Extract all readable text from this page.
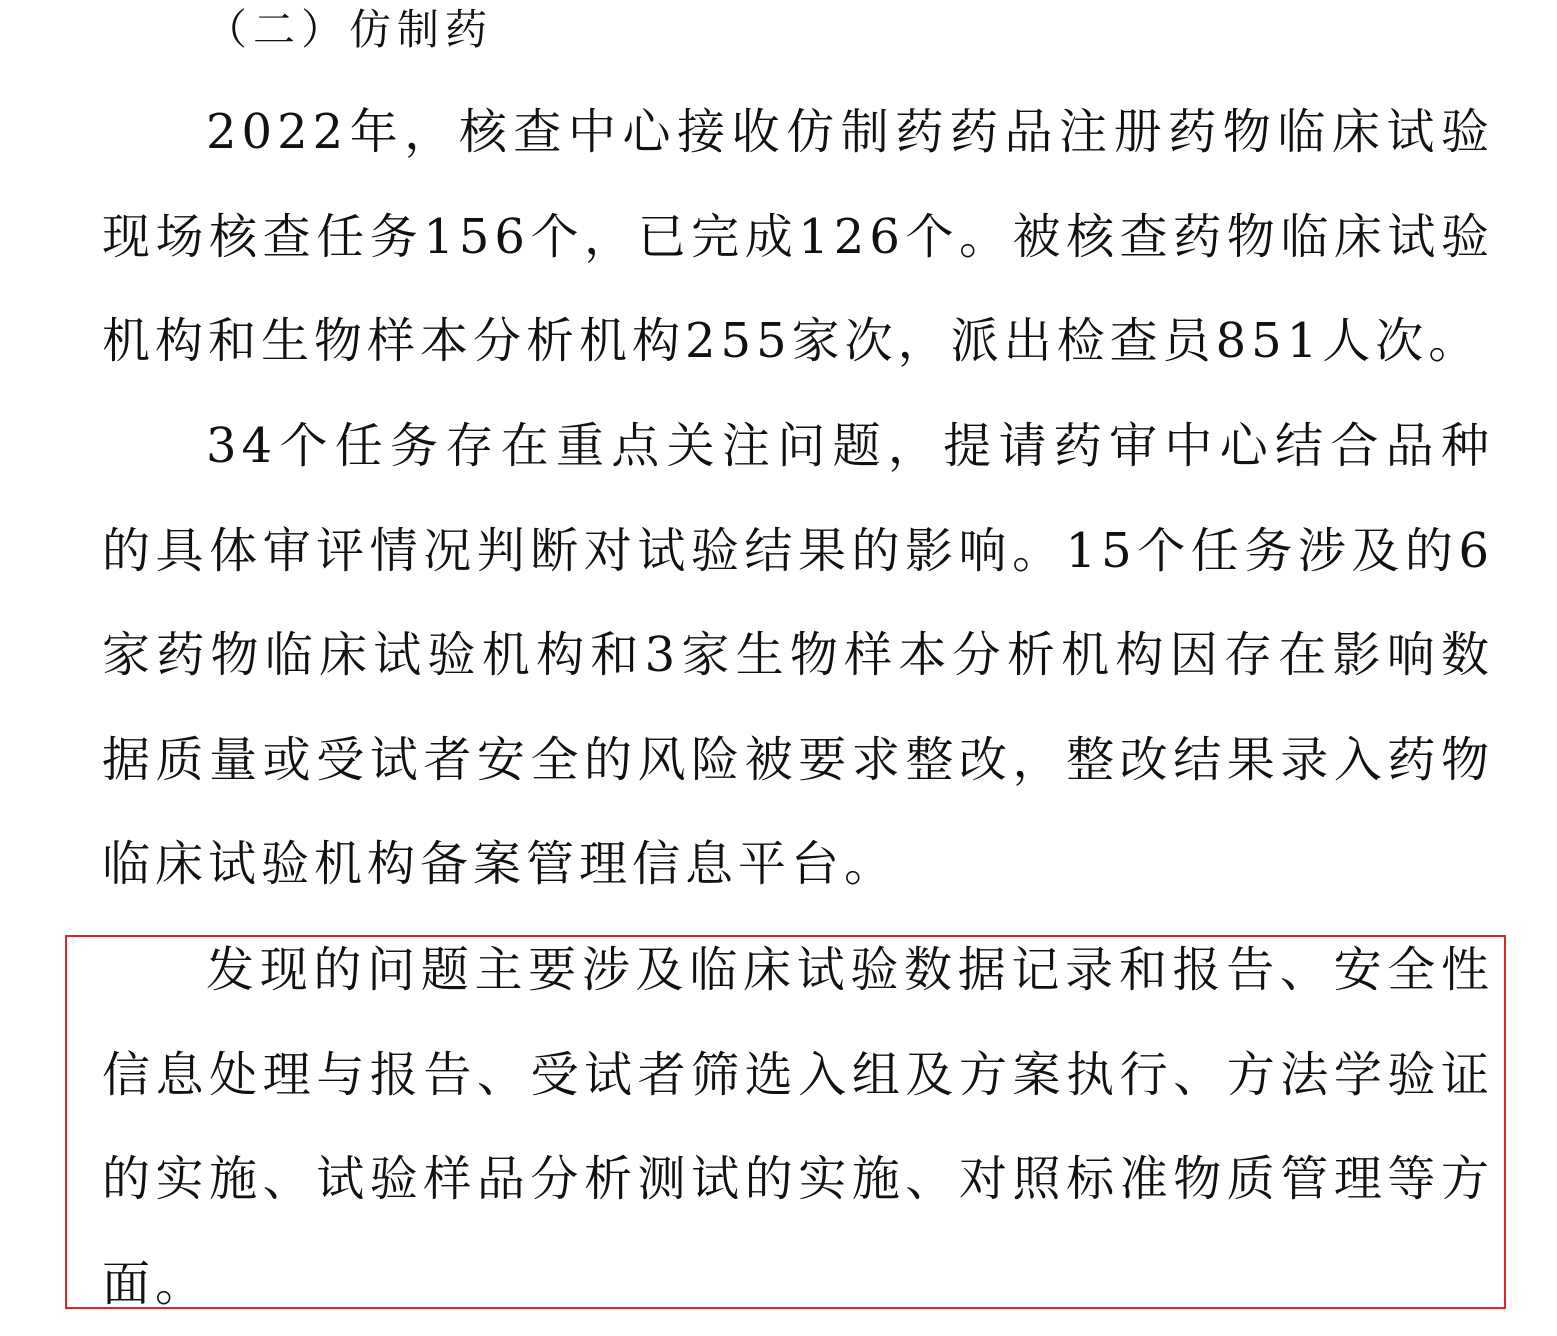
（二）仿制药

2022年，核查中心接收仿制药药品注册药物临床试验现场核查任务156个，已完成126个。被核查药物临床试验机构和生物样本分析机构255家次，派出检查员851人次。

34个任务存在重点关注问题，提请药审中心结合品种的具体审评情况判断对试验结果的影响。15个任务涉及的6家药物临床试验机构和3家生物样本分析机构因存在影响数据质量或受试者安全的风险被要求整改，整改结果录入药物临床试验机构备案管理信息平台。

发现的问题主要涉及临床试验数据记录和报告、安全性信息处理与报告、受试者筛选入组及方案执行、方法学验证的实施、试验样品分析测试的实施、对照标准物质管理等方面。
